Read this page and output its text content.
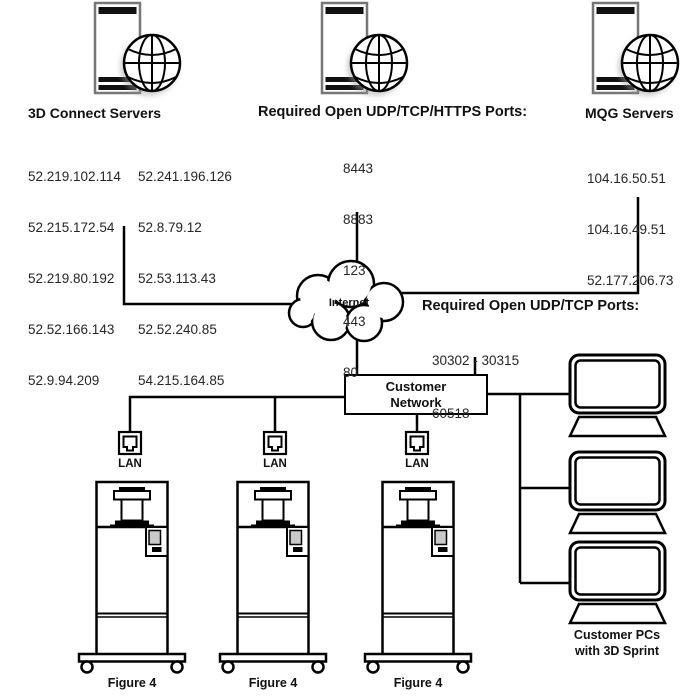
3D Connect Servers

52.219.102.114

52.215.172.54

52.219.80.192

52.52.166.143

52.9.94.209

52.241.196.126

52.8.79.12

52.53.113.43

52.52.240.85

54.215.164.85

Required Open UDP/TCP/HTTPS Ports:

8443

8883

123

443

80

MQG Servers

104.16.50.51

104.16.49.51

52.177.206.73

Internet	Required Open UDP/TCP Ports:

30302 - 30315

60518

Customer Network
LAN	LAN	LAN
Customer PCs with 3D Sprint
Figure 4	Figure 4	Figure 4
